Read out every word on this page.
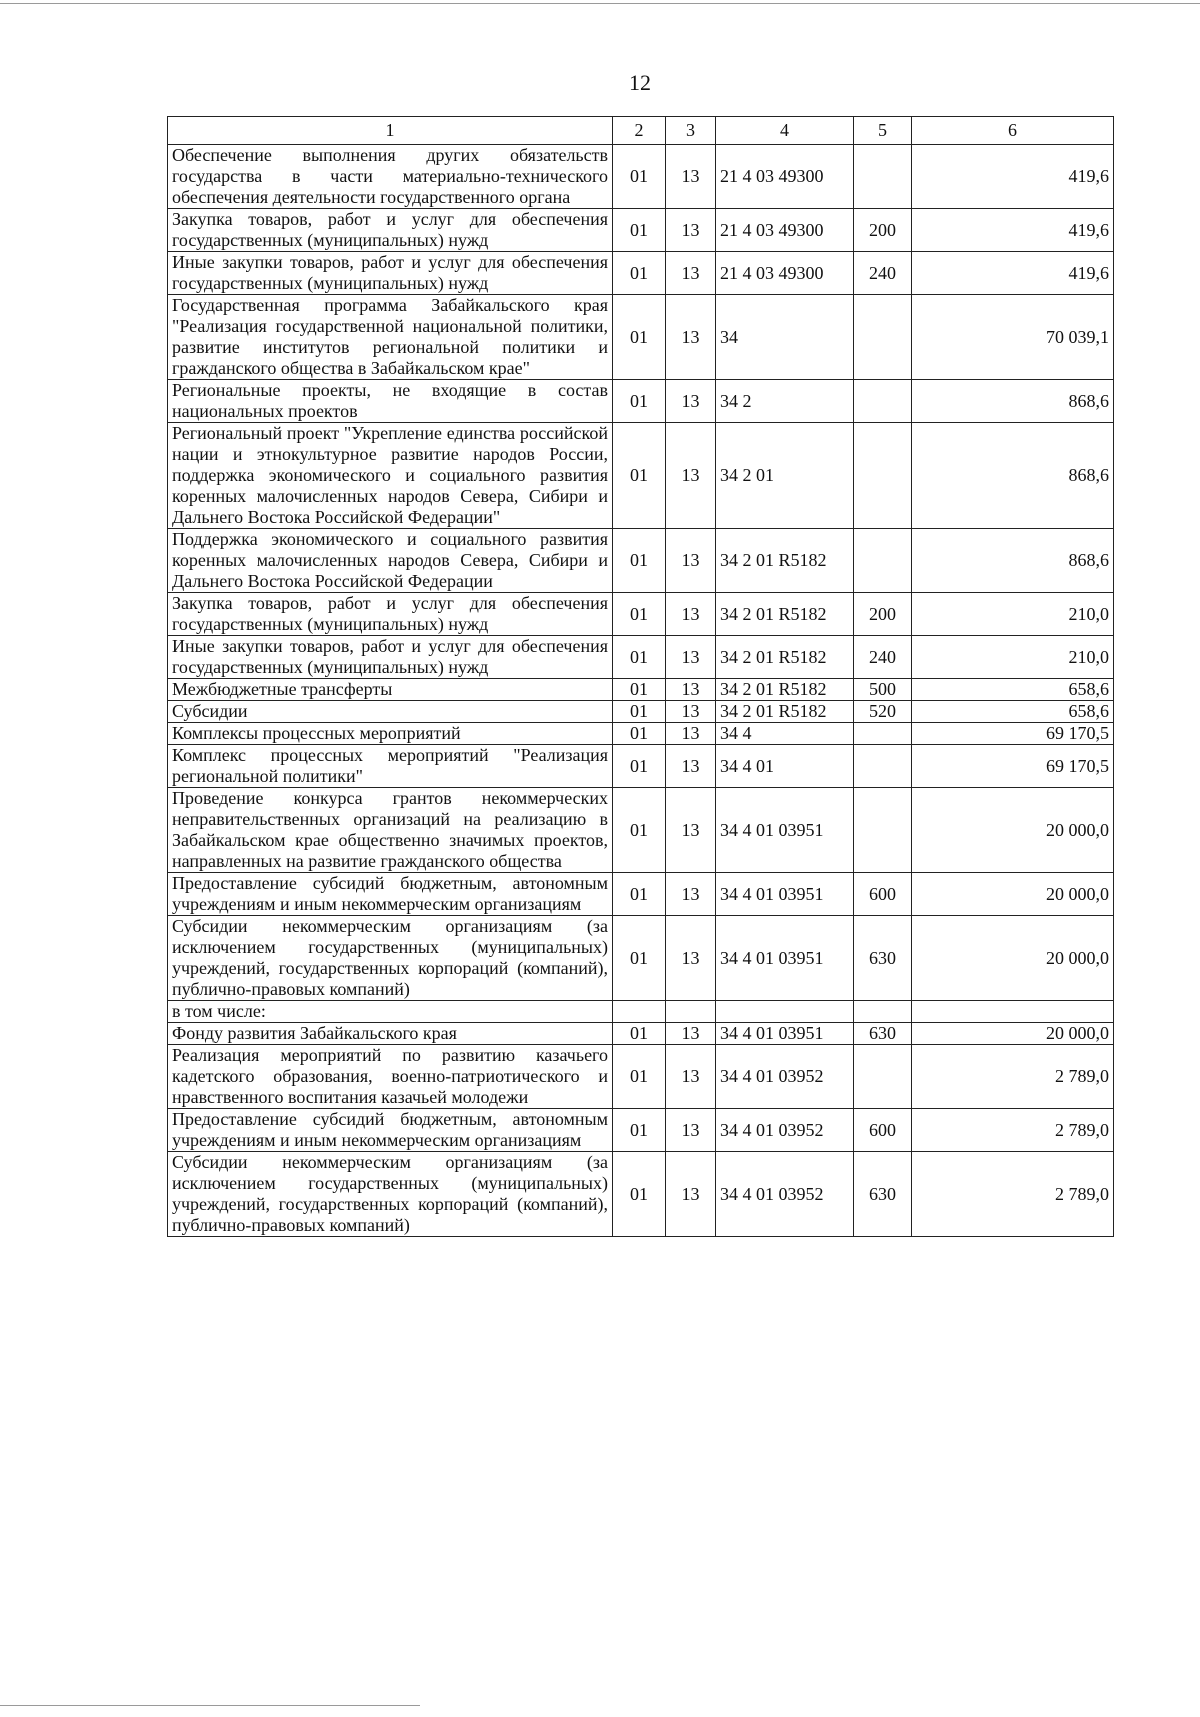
12
1	2	3	4	5	6
Обеспечение выполнения других обязательств государства в части материально-технического обеспечения деятельности государственного органа	01	13	21 4 03 49300		419,6
Закупка товаров, работ и услуг для обеспечения государственных (муниципальных) нужд	01	13	21 4 03 49300	200	419,6
Иные закупки товаров, работ и услуг для обеспечения государственных (муниципальных) нужд	01	13	21 4 03 49300	240	419,6
Государственная программа Забайкальского края "Реализация государственной национальной политики, развитие институтов региональной политики и гражданского общества в Забайкальском крае"	01	13	34		70 039,1
Региональные проекты, не входящие в состав национальных проектов	01	13	34 2		868,6
Региональный проект "Укрепление единства российской нации и этнокультурное развитие народов России, поддержка экономического и социального развития коренных малочисленных народов Севера, Сибири и Дальнего Востока Российской Федерации"	01	13	34 2 01		868,6
Поддержка экономического и социального развития коренных малочисленных народов Севера, Сибири и Дальнего Востока Российской Федерации	01	13	34 2 01 R5182		868,6
Закупка товаров, работ и услуг для обеспечения государственных (муниципальных) нужд	01	13	34 2 01 R5182	200	210,0
Иные закупки товаров, работ и услуг для обеспечения государственных (муниципальных) нужд	01	13	34 2 01 R5182	240	210,0
Межбюджетные трансферты	01	13	34 2 01 R5182	500	658,6
Субсидии	01	13	34 2 01 R5182	520	658,6
Комплексы процессных мероприятий	01	13	34 4		69 170,5
Комплекс процессных мероприятий "Реализация региональной политики"	01	13	34 4 01		69 170,5
Проведение конкурса грантов некоммерческих неправительственных организаций на реализацию в Забайкальском крае общественно значимых проектов, направленных на развитие гражданского общества	01	13	34 4 01 03951		20 000,0
Предоставление субсидий бюджетным, автономным учреждениям и иным некоммерческим организациям	01	13	34 4 01 03951	600	20 000,0
Субсидии некоммерческим организациям (за исключением государственных (муниципальных) учреждений, государственных корпораций (компаний), публично-правовых компаний)	01	13	34 4 01 03951	630	20 000,0
в том числе:					
Фонду развития Забайкальского края	01	13	34 4 01 03951	630	20 000,0
Реализация мероприятий по развитию казачьего кадетского образования, военно-патриотического и нравственного воспитания казачьей молодежи	01	13	34 4 01 03952		2 789,0
Предоставление субсидий бюджетным, автономным учреждениям и иным некоммерческим организациям	01	13	34 4 01 03952	600	2 789,0
Субсидии некоммерческим организациям (за исключением государственных (муниципальных) учреждений, государственных корпораций (компаний), публично-правовых компаний)	01	13	34 4 01 03952	630	2 789,0
